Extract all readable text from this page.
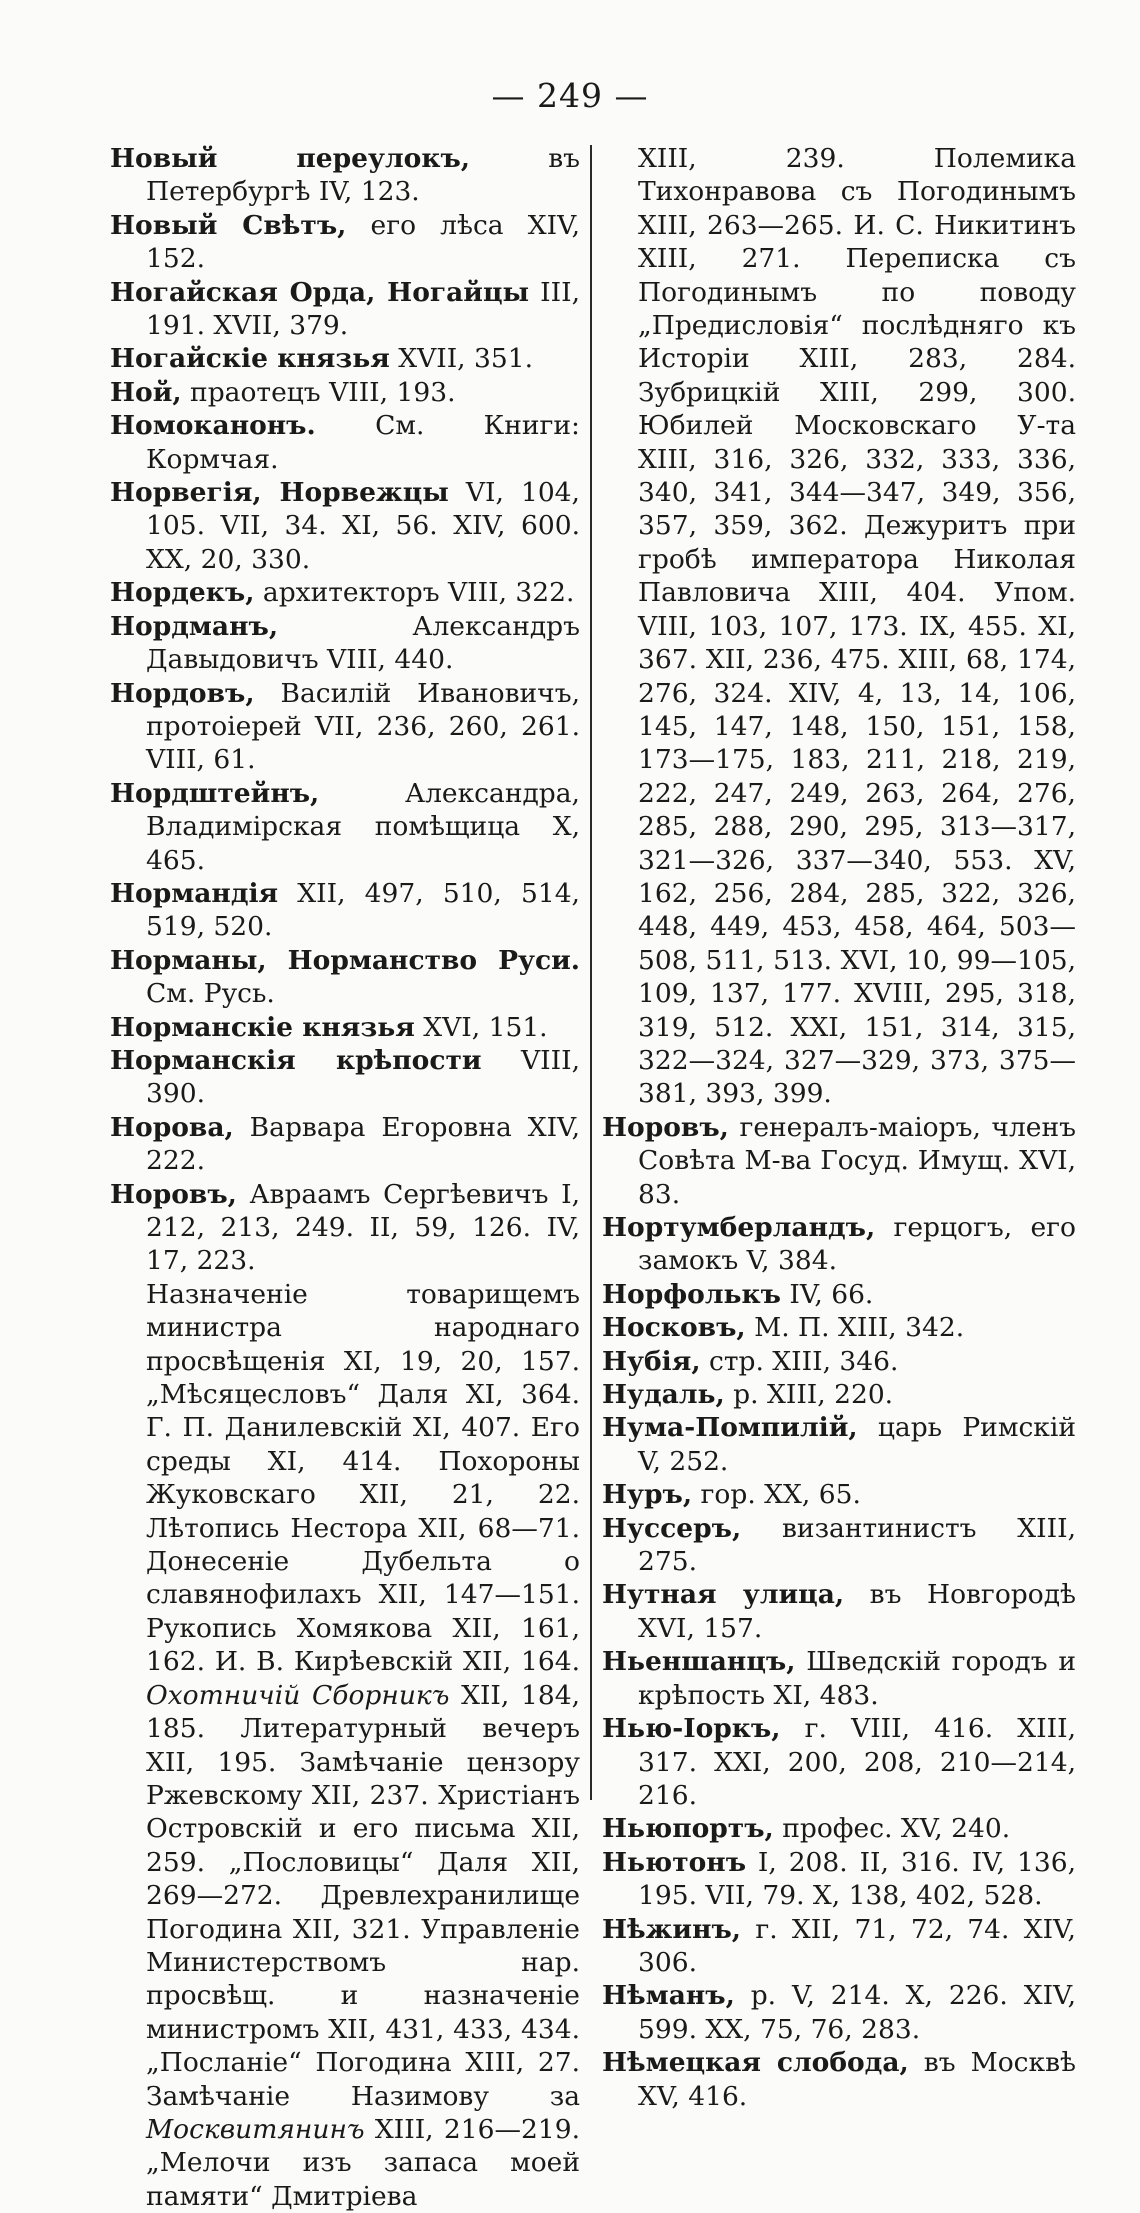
— 249 —

Новый переулокъ,	въ Петербургѣ IV, 123.

Новый Свѣтъ, его лѣса XIV, 152.

Ногайская Орда, Ногайцы III, 191. XVII, 379.

Ногайскіе князья XVII, 351.

Ной, праотецъ VIII, 193.

Номоканонъ. См. Книги: Кормчая.

Норвегія, Норвежцы VI, 104, 105. VII, 34. XI, 56. XIV, 600. XX, 20, 330.

Нордекъ, архитекторъ VIII, 322.

Нордманъ,	Александръ Давыдовичъ VIII, 440.

Нордовъ, Василій Ивановичъ, протоіерей VII, 236, 260, 261. VIII, 61.

Нордштейнъ,	Александра, Владимірская помѣщица X, 465.

Нормандія XII, 497, 510, 514, 519, 520.

Норманы, Норманство Руси. См. Русь.

Норманскіе князья XVI, 151.

Норманскія крѣпости VIII, 390.

Норова, Варвара Егоровна XIV, 222.

Норовъ, Авраамъ Сергѣевичъ I, 212, 213, 249. II, 59, 126. IV, 17, 223.

Назначеніе товарищемъ министра народнаго просвѣщенія XI, 19, 20, 157. „Мѣсяцесловъ“ Даля XI, 364. Г. П. Данилевскій XI, 407. Его среды XI, 414. Похороны Жуковскаго XII, 21, 22. Лѣтопись Нестора XII, 68—71. Донесеніе Дубельта о славянофилахъ XII, 147—151. Рукопись Хомякова XII, 161, 162. И. В. Кирѣевскій XII, 164. Охотничій Сборникъ XII, 184, 185. Литературный вечеръ XII, 195. Замѣчаніе цензору Ржевскому XII, 237. Христіанъ Островскій и его письма XII, 259. „Пословицы“ Даля XII, 269—272. Древлехранилище Погодина XII, 321. Управленіе Министерствомъ нар. просвѣщ. и назначеніе министромъ XII, 431, 433, 434. „Посланіе“ Погодина XIII, 27. Замѣчаніе Назимову за Москвитянинъ XIII, 216—219. „Мелочи изъ запаса моей памяти“ Дмитріева

XIII, 239. Полемика Тихонравова съ Погодинымъ XIII, 263—265. И. С. Никитинъ XIII, 271. Переписка съ Погодинымъ по поводу „Предисловія“ послѣдняго къ Исторіи XIII, 283, 284. Зубрицкій XIII, 299, 300. Юбилей Московскаго У-та XIII, 316, 326, 332, 333, 336, 340, 341, 344—347, 349, 356, 357, 359, 362. Дежуритъ при гробѣ императора Николая Павловича XIII, 404. Упом. VIII, 103, 107, 173. IX, 455. XI, 367. XII, 236, 475. XIII, 68, 174, 276, 324. XIV, 4, 13, 14, 106, 145, 147, 148, 150, 151, 158, 173—175, 183, 211, 218, 219, 222, 247, 249, 263, 264, 276, 285, 288, 290, 295, 313—317, 321—326, 337—340, 553. XV, 162, 256, 284, 285, 322, 326, 448, 449, 453, 458, 464, 503—508, 511, 513. XVI, 10, 99—105, 109, 137, 177. XVIII, 295, 318, 319, 512. XXI, 151, 314, 315, 322—324, 327—329, 373, 375—381, 393, 399.

Норовъ, генералъ-маіоръ, членъ Совѣта М-ва Госуд. Имущ. XVI, 83.

Нортумберландъ, герцогъ, его замокъ V, 384.

Норфолькъ IV, 66.

Носковъ, М. П. XIII, 342.

Нубія, стр. XIII, 346.

Нудаль, р. XIII, 220.

Нума-Помпилій, царь Римскій V, 252.

Нуръ, гор. XX, 65.

Нуссеръ, византинистъ XIII, 275.

Нутная улица, въ Новгородѣ XVI, 157.

Ньеншанцъ, Шведскій городъ и крѣпость XI, 483.

Нью-Іоркъ, г. VIII, 416. XIII, 317. XXI, 200, 208, 210—214, 216.

Ньюпортъ, профес. XV, 240.

Ньютонъ I, 208. II, 316. IV, 136, 195. VII, 79. X, 138, 402, 528.

Нѣжинъ, г. XII, 71, 72, 74. XIV, 306.

Нѣманъ, р. V, 214. X, 226. XIV, 599. XX, 75, 76, 283.

Нѣмецкая слобода, въ Москвѣ XV, 416.
